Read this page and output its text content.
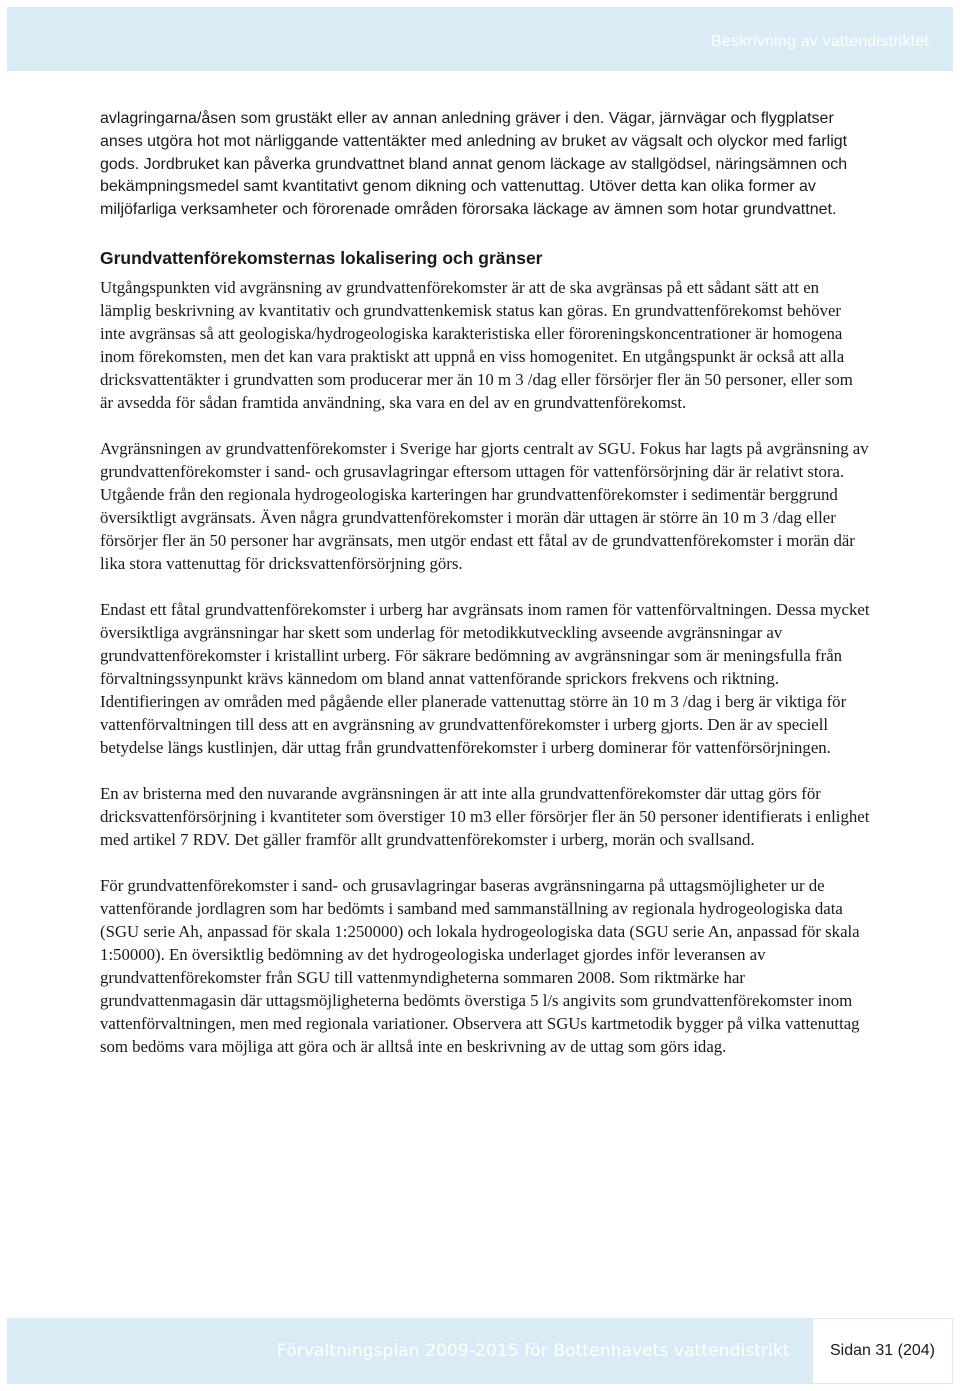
Beskrivning av vattendistriktet

avlagringarna/åsen som grustäkt eller av annan anledning gräver i den. Vägar, järnvägar och flygplatser anses utgöra hot mot närliggande vattentäkter med anledning av bruket av vägsalt och olyckor med farligt gods. Jordbruket kan påverka grundvattnet bland annat genom läckage av stallgödsel, näringsämnen och bekämpningsmedel samt kvantitativt genom dikning och vattenuttag. Utöver detta kan olika former av miljöfarliga verksamheter och förorenade områden förorsaka läckage av ämnen som hotar grundvattnet.

Grundvattenförekomsternas lokalisering och gränser

Utgångspunkten vid avgränsning av grundvattenförekomster är att de ska avgränsas på ett sådant sätt att en lämplig beskrivning av kvantitativ och grundvattenkemisk status kan göras. En grundvattenförekomst behöver inte avgränsas så att geologiska/hydrogeologiska karakteristiska eller föroreningskoncentrationer är homogena inom förekomsten, men det kan vara praktiskt att uppnå en viss homogenitet. En utgångspunkt är också att alla dricksvattentäkter i grundvatten som producerar mer än 10 m 3 /dag eller försörjer fler än 50 personer, eller som är avsedda för sådan framtida användning, ska vara en del av en grundvattenförekomst.

Avgränsningen av grundvattenförekomster i Sverige har gjorts centralt av SGU. Fokus har lagts på avgränsning av grundvattenförekomster i sand- och grusavlagringar eftersom uttagen för vattenförsörjning där är relativt stora. Utgående från den regionala hydrogeologiska karteringen har grundvattenförekomster i sedimentär berggrund översiktligt avgränsats. Även några grundvattenförekomster i morän där uttagen är större än 10 m 3 /dag eller försörjer fler än 50 personer har avgränsats, men utgör endast ett fåtal av de grundvattenförekomster i morän där lika stora vattenuttag för dricksvattenförsörjning görs.

Endast ett fåtal grundvattenförekomster i urberg har avgränsats inom ramen för vattenförvaltningen. Dessa mycket översiktliga avgränsningar har skett som underlag för metodikkutveckling avseende avgränsningar av grundvattenförekomster i kristallint urberg. För säkrare bedömning av avgränsningar som är meningsfulla från förvaltningssynpunkt krävs kännedom om bland annat vattenförande sprickors frekvens och riktning. Identifieringen av områden med pågående eller planerade vattenuttag större än 10 m 3 /dag i berg är viktiga för vattenförvaltningen till dess att en avgränsning av grundvattenförekomster i urberg gjorts. Den är av speciell betydelse längs kustlinjen, där uttag från grundvattenförekomster i urberg dominerar för vattenförsörjningen.

En av bristerna med den nuvarande avgränsningen är att inte alla grundvattenförekomster där uttag görs för dricksvattenförsörjning i kvantiteter som överstiger 10 m3 eller försörjer fler än 50 personer identifierats i enlighet med artikel 7 RDV. Det gäller framför allt grundvattenförekomster i urberg, morän och svallsand.

För grundvattenförekomster i sand- och grusavlagringar baseras avgränsningarna på uttagsmöjligheter ur de vattenförande jordlagren som har bedömts i samband med sammanställning av regionala hydrogeologiska data (SGU serie Ah, anpassad för skala 1:250000) och lokala hydrogeologiska data (SGU serie An, anpassad för skala 1:50000). En översiktlig bedömning av det hydrogeologiska underlaget gjordes inför leveransen av grundvattenförekomster från SGU till vattenmyndigheterna sommaren 2008. Som riktmärke har grundvattenmagasin där uttagsmöjligheterna bedömts överstiga 5 l/s angivits som grundvattenförekomster inom vattenförvaltningen, men med regionala variationer. Observera att SGUs kartmetodik bygger på vilka vattenuttag som bedöms vara möjliga att göra och är alltså inte en beskrivning av de uttag som görs idag.

Förvaltningsplan 2009-2015 för Bottenhavets vattendistrikt	Sidan 31 (204)
